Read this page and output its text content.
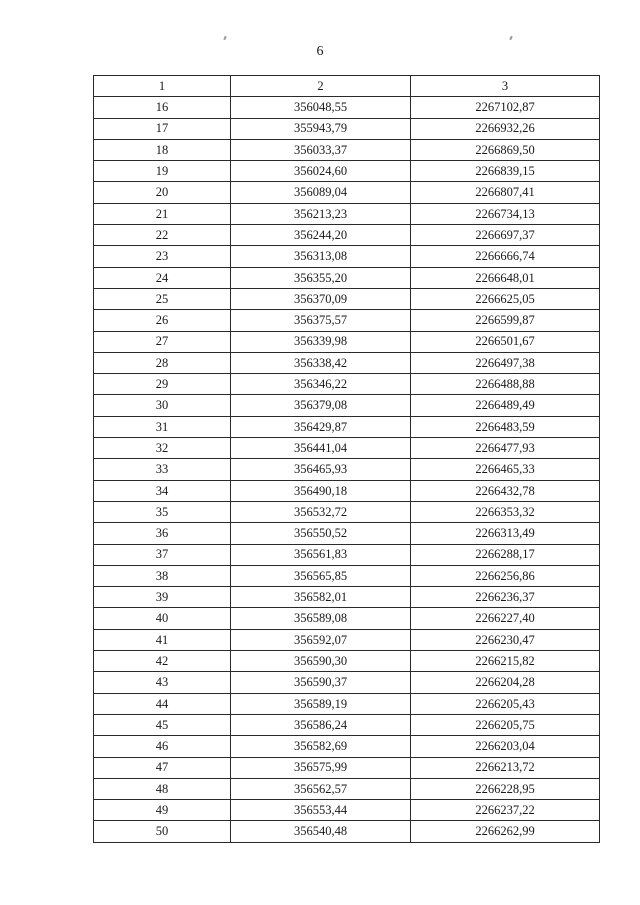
6
1	2	3
16	356048,55	2267102,87
17	355943,79	2266932,26
18	356033,37	2266869,50
19	356024,60	2266839,15
20	356089,04	2266807,41
21	356213,23	2266734,13
22	356244,20	2266697,37
23	356313,08	2266666,74
24	356355,20	2266648,01
25	356370,09	2266625,05
26	356375,57	2266599,87
27	356339,98	2266501,67
28	356338,42	2266497,38
29	356346,22	2266488,88
30	356379,08	2266489,49
31	356429,87	2266483,59
32	356441,04	2266477,93
33	356465,93	2266465,33
34	356490,18	2266432,78
35	356532,72	2266353,32
36	356550,52	2266313,49
37	356561,83	2266288,17
38	356565,85	2266256,86
39	356582,01	2266236,37
40	356589,08	2266227,40
41	356592,07	2266230,47
42	356590,30	2266215,82
43	356590,37	2266204,28
44	356589,19	2266205,43
45	356586,24	2266205,75
46	356582,69	2266203,04
47	356575,99	2266213,72
48	356562,57	2266228,95
49	356553,44	2266237,22
50	356540,48	2266262,99
